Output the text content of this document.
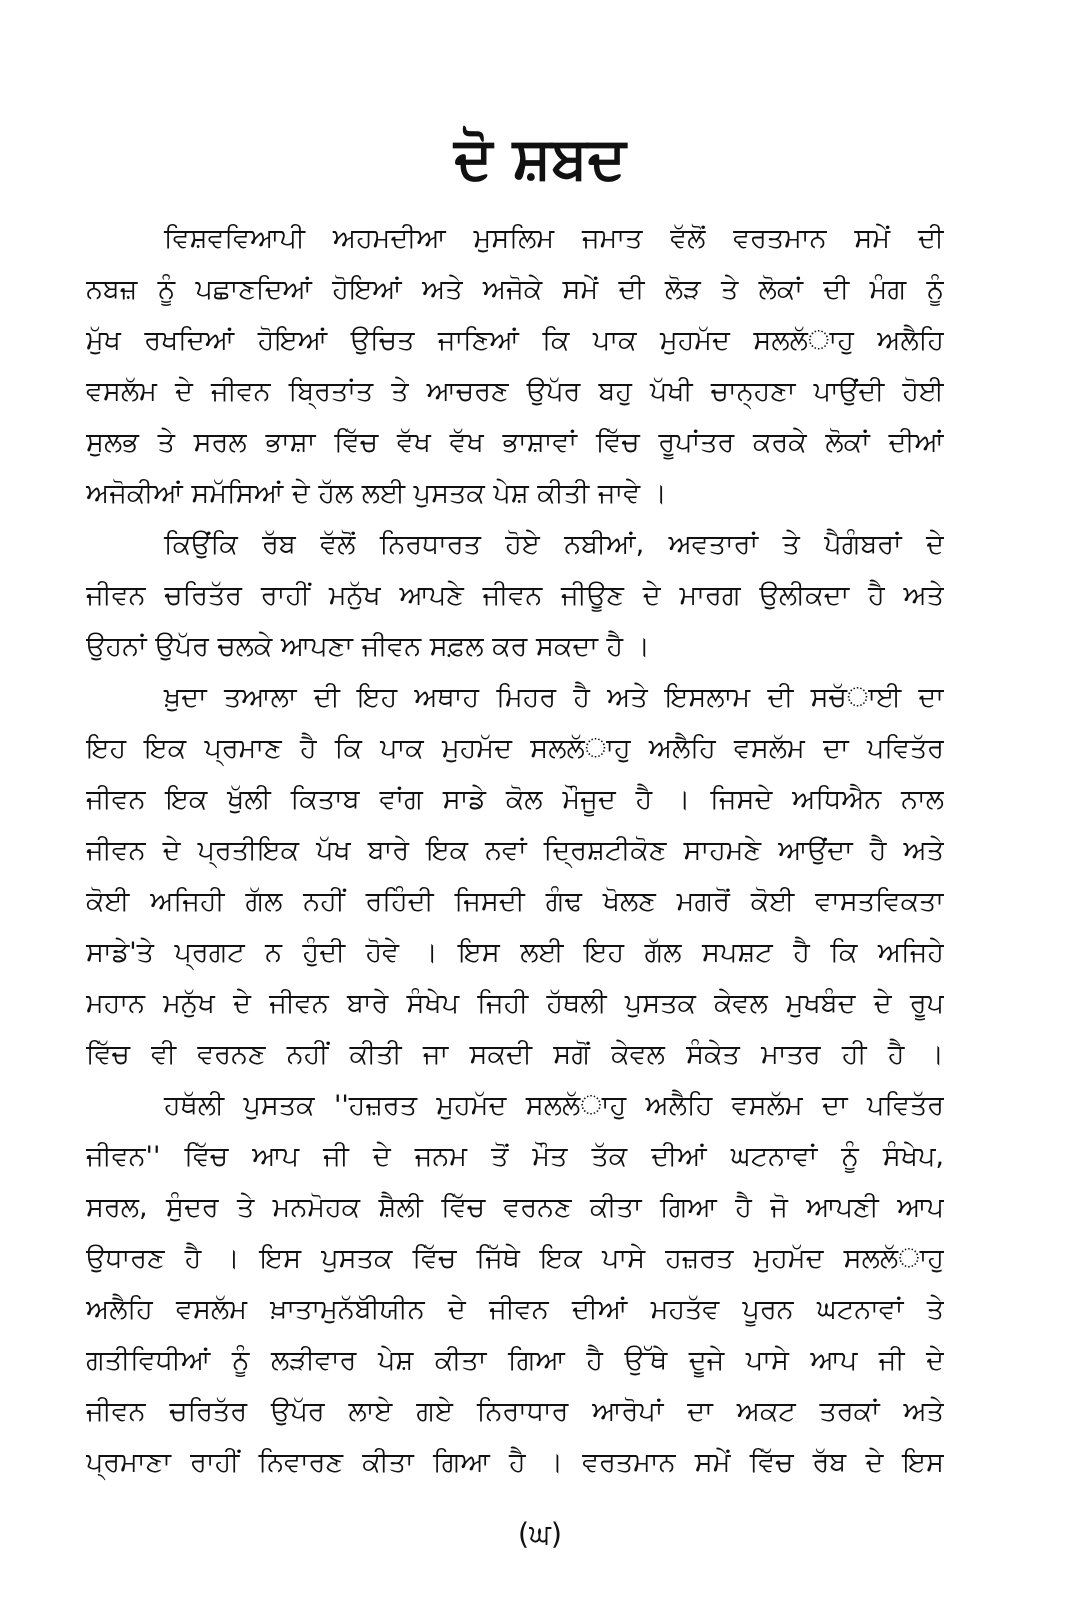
ਦੋ ਸ਼ਬਦ
ਵਿਸ਼ਵਵਿਆਪੀ ਅਹਮਦੀਆ ਮੁਸਲਿਮ ਜਮਾਤ ਵੱਲੋਂ ਵਰਤਮਾਨ ਸਮੇਂ ਦੀ
ਨਬਜ਼ ਨੂੰ ਪਛਾਣਦਿਆਂ ਹੋਇਆਂ ਅਤੇ ਅਜੋਕੇ ਸਮੇਂ ਦੀ ਲੋੜ ਤੇ ਲੋਕਾਂ ਦੀ ਮੰਗ ਨੂੰ
ਮੁੱਖ ਰਖਦਿਆਂ ਹੋਇਆਂ ਉਚਿਤ ਜਾਣਿਆਂ ਕਿ ਪਾਕ ਮੁਹਮੱਦ ਸਲਲੱਾਹੁ ਅਲੈਹਿ
ਵਸਲੱਮ ਦੇ ਜੀਵਨ ਬ੍ਰਿਤਾਂਤ ਤੇ ਆਚਰਣ ਉਪੱਰ ਬਹੁ ਪੱਖੀ ਚਾਨ੍ਹਣਾ ਪਾਉਂਦੀ ਹੋਈ
ਸੁਲਭ ਤੇ ਸਰਲ ਭਾਸ਼ਾ ਵਿੱਚ ਵੱਖ ਵੱਖ ਭਾਸ਼ਾਵਾਂ ਵਿੱਚ ਰੂਪਾਂਤਰ ਕਰਕੇ ਲੋਕਾਂ ਦੀਆਂ
ਅਜੋਕੀਆਂ ਸਮੱਸਿਆਂ ਦੇ ਹੱਲ ਲਈ ਪੁਸਤਕ ਪੇਸ਼ ਕੀਤੀ ਜਾਵੇ ।
ਕਿਉਂਕਿ ਰੱਬ ਵੱਲੋਂ ਨਿਰਧਾਰਤ ਹੋਏ ਨਬੀਆਂ, ਅਵਤਾਰਾਂ ਤੇ ਪੈਗੰਬਰਾਂ ਦੇ
ਜੀਵਨ ਚਰਿਤੱਰ ਰਾਹੀਂ ਮਨੁੱਖ ਆਪਣੇ ਜੀਵਨ ਜੀਊਣ ਦੇ ਮਾਰਗ ਉਲੀਕਦਾ ਹੈ ਅਤੇ
ਉਹਨਾਂ ਉਪੱਰ ਚਲਕੇ ਆਪਣਾ ਜੀਵਨ ਸਫ਼ਲ ਕਰ ਸਕਦਾ ਹੈ ।
ਖ਼ੁਦਾ ਤਆਲਾ ਦੀ ਇਹ ਅਥਾਹ ਮਿਹਰ ਹੈ ਅਤੇ ਇਸਲਾਮ ਦੀ ਸਚੱਾਈ ਦਾ
ਇਹ ਇਕ ਪ੍ਰਮਾਣ ਹੈ ਕਿ ਪਾਕ ਮੁਹਮੱਦ ਸਲਲੱਾਹੁ ਅਲੈਹਿ ਵਸਲੱਮ ਦਾ ਪਵਿਤੱਰ
ਜੀਵਨ ਇਕ ਖੁੱਲੀ ਕਿਤਾਬ ਵਾਂਗ ਸਾਡੇ ਕੋਲ ਮੌਜੂਦ ਹੈ । ਜਿਸਦੇ ਅਧਿਐਨ ਨਾਲ
ਜੀਵਨ ਦੇ ਪ੍ਰਤੀਇਕ ਪੱਖ ਬਾਰੇ ਇਕ ਨਵਾਂ ਦ੍ਰਿਸ਼ਟੀਕੋਣ ਸਾਹਮਣੇ ਆਉਂਦਾ ਹੈ ਅਤੇ
ਕੋਈ ਅਜਿਹੀ ਗੱਲ ਨਹੀਂ ਰਹਿੰਦੀ ਜਿਸਦੀ ਗੰਢ ਖੋਲਣ ਮਗਰੋਂ ਕੋਈ ਵਾਸਤਵਿਕਤਾ
ਸਾਡੇ'ਤੇ ਪ੍ਰਗਟ ਨ ਹੁੰਦੀ ਹੋਵੇ । ਇਸ ਲਈ ਇਹ ਗੱਲ ਸਪਸ਼ਟ ਹੈ ਕਿ ਅਜਿਹੇ
ਮਹਾਨ ਮਨੁੱਖ ਦੇ ਜੀਵਨ ਬਾਰੇ ਸੰਖੇਪ ਜਿਹੀ ਹੱਥਲੀ ਪੁਸਤਕ ਕੇਵਲ ਮੁਖਬੰਦ ਦੇ ਰੂਪ
ਵਿੱਚ ਵੀ ਵਰਨਣ ਨਹੀਂ ਕੀਤੀ ਜਾ ਸਕਦੀ ਸਗੋਂ ਕੇਵਲ ਸੰਕੇਤ ਮਾਤਰ ਹੀ ਹੈ ।
ਹਥੱਲੀ ਪੁਸਤਕ ''ਹਜ਼ਰਤ ਮੁਹਮੱਦ ਸਲਲੱਾਹੁ ਅਲੈਹਿ ਵਸਲੱਮ ਦਾ ਪਵਿਤੱਰ
ਜੀਵਨ'' ਵਿੱਚ ਆਪ ਜੀ ਦੇ ਜਨਮ ਤੋਂ ਮੌਤ ਤੱਕ ਦੀਆਂ ਘਟਨਾਵਾਂ ਨੂੰ ਸੰਖੇਪ,
ਸਰਲ, ਸੁੰਦਰ ਤੇ ਮਨਮੋਹਕ ਸ਼ੈਲੀ ਵਿੱਚ ਵਰਨਣ ਕੀਤਾ ਗਿਆ ਹੈ ਜੋ ਆਪਣੀ ਆਪ
ਉਧਾਰਣ ਹੈ । ਇਸ ਪੁਸਤਕ ਵਿੱਚ ਜਿੱਥੇ ਇਕ ਪਾਸੇ ਹਜ਼ਰਤ ਮੁਹਮੱਦ ਸਲਲੱਾਹੁ
ਅਲੈਹਿ ਵਸਲੱਮ ਖ਼ਾਤਾਮੁਨੱਬੀੱਯੀਨ ਦੇ ਜੀਵਨ ਦੀਆਂ ਮਹਤੱਵ ਪੂਰਨ ਘਟਨਾਵਾਂ ਤੇ
ਗਤੀਵਿਧੀਆਂ ਨੂੰ ਲੜੀਵਾਰ ਪੇਸ਼ ਕੀਤਾ ਗਿਆ ਹੈ ਉੱਥੇ ਦੂਜੇ ਪਾਸੇ ਆਪ ਜੀ ਦੇ
ਜੀਵਨ ਚਰਿਤੱਰ ਉਪੱਰ ਲਾਏ ਗਏ ਨਿਰਾਧਾਰ ਆਰੋਪਾਂ ਦਾ ਅਕਟ ਤਰਕਾਂ ਅਤੇ
ਪ੍ਰਮਾਣਾ ਰਾਹੀਂ ਨਿਵਾਰਣ ਕੀਤਾ ਗਿਆ ਹੈ । ਵਰਤਮਾਨ ਸਮੇਂ ਵਿੱਚ ਰੱਬ ਦੇ ਇਸ
(ਘ)
